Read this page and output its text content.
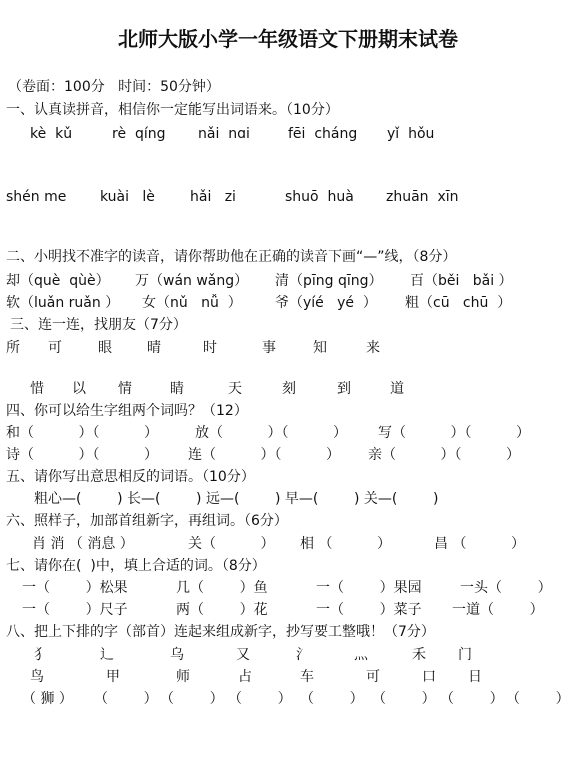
北师大版小学一年级语文下册期末试卷
（卷面：100分   时间：50分钟）
一、认真读拼音，相信你一定能写出词语来。（10分）
kè  kǔ	rè  qíng nǎi  nɑi	fēi  cháng yǐ  hǒu
shén me kuài   lè	hǎi   zi	shuō  huà zhuān  xīn
二、小明找不准字的读音，请你帮助他在正确的读音下画“—”线，（8分）
却（què  qùè） 万（wán wǎng） 清（pīng qīng） 百（běi   bǎi ）
软（luǎn ruǎn ） 女（nǔ   nǚ  ） 爷（yíé   yé  ） 粗（cū   chū  ）
三、连一连，找朋友（7分）
所 可	眼	晴	时	事	知	来
惜 以 情	睛	天	刻	到	道
四、你可以给生字组两个词吗？（12）
和（          ）（          ）	放（          ）（          ） 写（          ）（          ）
诗（          ）（          ） 连（          ）（          ） 亲（          ）（          ）
五、请你写出意思相反的词语。（10分）
粗心—(        ) 长—(        ) 远—(        ) 早—(        ) 关—(        )
六、照样子，加部首组新字，再组词。（6分）
肖 消 （ 消息 ）	关（          ） 相 （          ）	昌 （          ）
七、请你在(  )中，填上合适的词。（8分）
一（        ）松果	几（        ）鱼	一（        ）果园	一头（        ）
一（        ）尺子	两（        ）花	一（        ）菜子 一道（        ）
八、把上下排的字（部首）连起来组成新字，抄写要工整哦！（7分）
犭	辶	乌	又	氵	灬	禾 门
鸟	甲	师	占	车	可	口 日
（ 狮 ） （        ） （        ） （        ） （        ） （        ） （        ） （        ）
